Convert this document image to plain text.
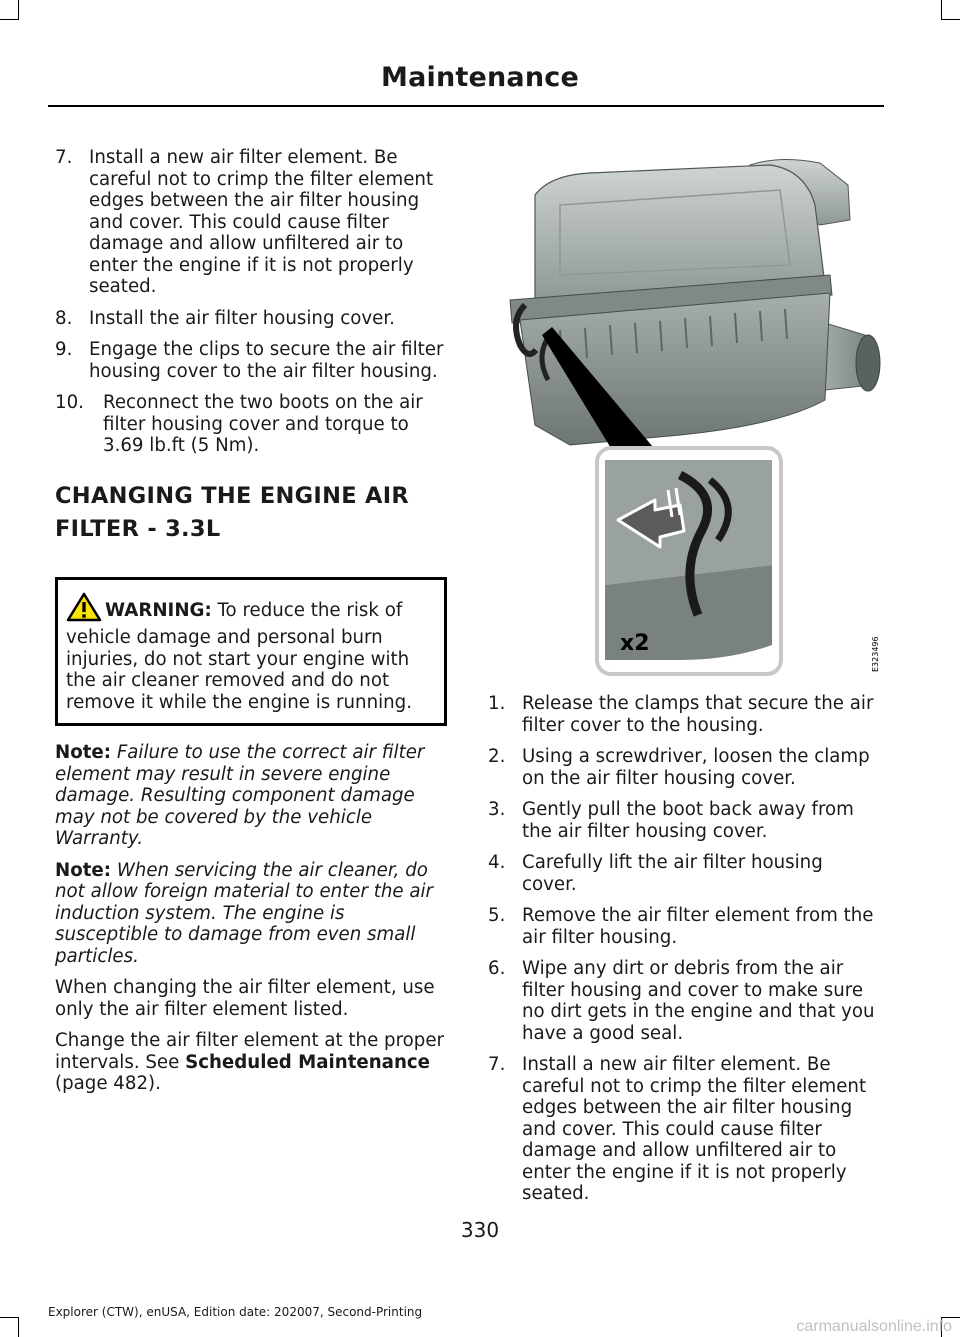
Maintenance
7. Install a new air filter element. Be careful not to crimp the filter element edges between the air filter housing and cover. This could cause filter damage and allow unfiltered air to enter the engine if it is not properly seated.
8. Install the air filter housing cover.
9. Engage the clips to secure the air filter housing cover to the air filter housing.
10. Reconnect the two boots on the air filter housing cover and torque to 3.69 lb.ft (5 Nm).
CHANGING THE ENGINE AIR FILTER - 3.3L
WARNING: To reduce the risk of vehicle damage and personal burn injuries, do not start your engine with the air cleaner removed and do not remove it while the engine is running.

Note: Failure to use the correct air filter element may result in severe engine damage. Resulting component damage may not be covered by the vehicle Warranty.

Note: When servicing the air cleaner, do not allow foreign material to enter the air induction system. The engine is susceptible to damage from even small particles.

When changing the air filter element, use only the air filter element listed.

Change the air filter element at the proper intervals. See Scheduled Maintenance (page 482).

x2	E323496
1. Release the clamps that secure the air filter cover to the housing.
2. Using a screwdriver, loosen the clamp on the air filter housing cover.
3. Gently pull the boot back away from the air filter housing cover.
4. Carefully lift the air filter housing cover.
5. Remove the air filter element from the air filter housing.
6. Wipe any dirt or debris from the air filter housing and cover to make sure no dirt gets in the engine and that you have a good seal.
7. Install a new air filter element. Be careful not to crimp the filter element edges between the air filter housing and cover. This could cause filter damage and allow unfiltered air to enter the engine if it is not properly seated.
330
Explorer (CTW), enUSA, Edition date: 202007, Second-Printing
carmanualsonline.info
